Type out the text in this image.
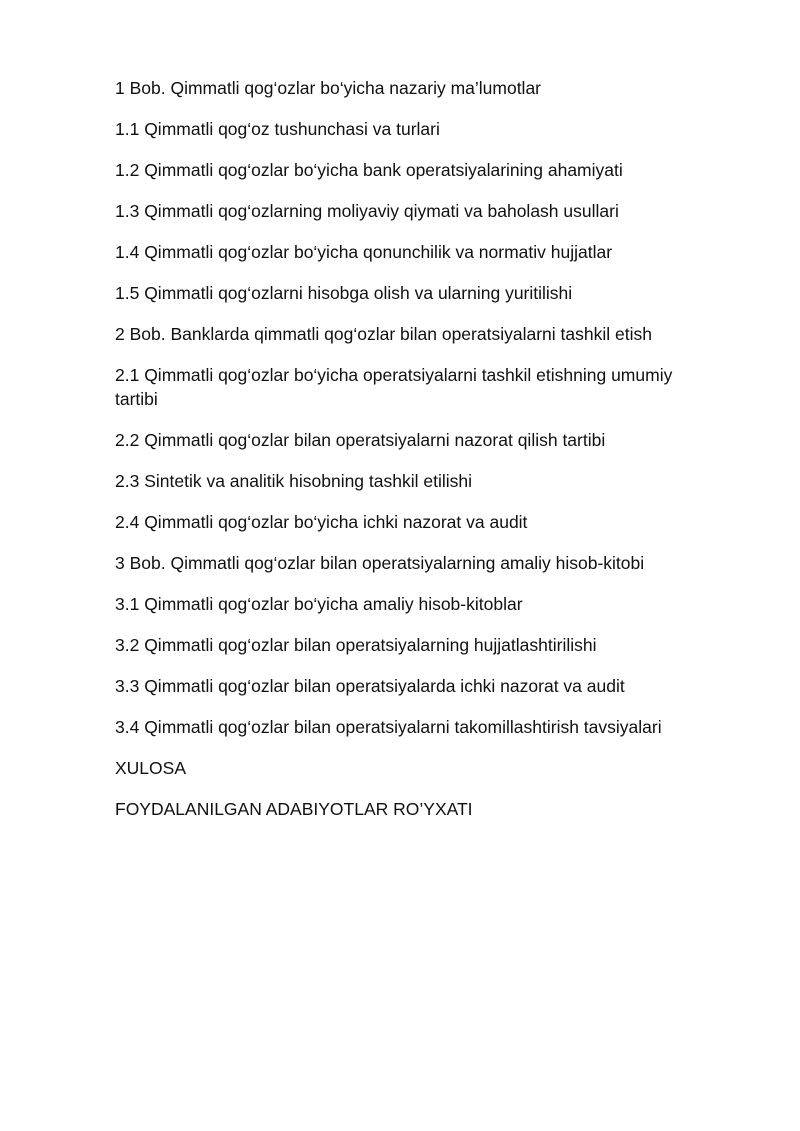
1 Bob. Qimmatli qog‘ozlar bo‘yicha nazariy ma’lumotlar
1.1 Qimmatli qog‘oz tushunchasi va turlari
1.2 Qimmatli qog‘ozlar bo‘yicha bank operatsiyalarining ahamiyati
1.3 Qimmatli qog‘ozlarning moliyaviy qiymati va baholash usullari
1.4 Qimmatli qog‘ozlar bo‘yicha qonunchilik va normativ hujjatlar
1.5 Qimmatli qog‘ozlarni hisobga olish va ularning yuritilishi
2 Bob. Banklarda qimmatli qog‘ozlar bilan operatsiyalarni tashkil etish
2.1 Qimmatli qog‘ozlar bo‘yicha operatsiyalarni tashkil etishning umumiy tartibi
2.2 Qimmatli qog‘ozlar bilan operatsiyalarni nazorat qilish tartibi
2.3 Sintetik va analitik hisobning tashkil etilishi
2.4 Qimmatli qog‘ozlar bo‘yicha ichki nazorat va audit
3 Bob. Qimmatli qog‘ozlar bilan operatsiyalarning amaliy hisob-kitobi
3.1 Qimmatli qog‘ozlar bo‘yicha amaliy hisob-kitoblar
3.2 Qimmatli qog‘ozlar bilan operatsiyalarning hujjatlashtirilishi
3.3 Qimmatli qog‘ozlar bilan operatsiyalarda ichki nazorat va audit
3.4 Qimmatli qog‘ozlar bilan operatsiyalarni takomillashtirish tavsiyalari
XULOSA
FOYDALANILGAN ADABIYOTLAR RO’YXATI
